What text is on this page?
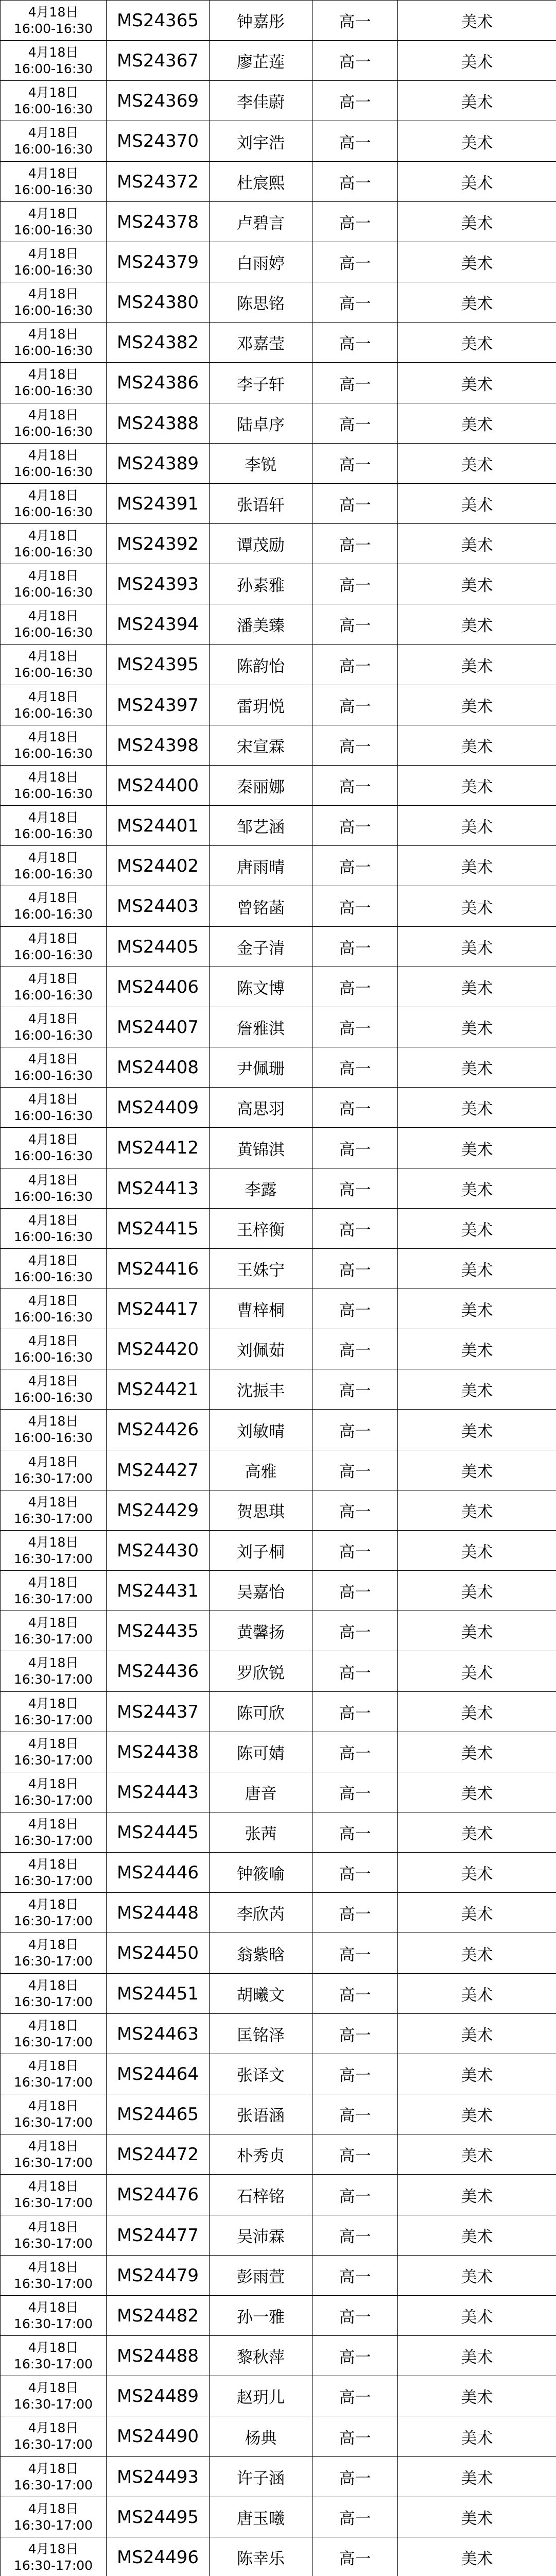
4月18日
16:00-16:30	MS24365	钟嘉彤	高一	美术

4月18日
16:00-16:30	MS24367	廖芷莲	高一	美术

4月18日
16:00-16:30	MS24369	李佳蔚	高一	美术

4月18日
16:00-16:30	MS24370	刘宇浩	高一	美术

4月18日
16:00-16:30	MS24372	杜宸熙	高一	美术

4月18日
16:00-16:30	MS24378	卢碧言	高一	美术

4月18日
16:00-16:30	MS24379	白雨婷	高一	美术

4月18日
16:00-16:30	MS24380	陈思铭	高一	美术

4月18日
16:00-16:30	MS24382	邓嘉莹	高一	美术

4月18日
16:00-16:30	MS24386	李子轩	高一	美术

4月18日
16:00-16:30	MS24388	陆卓序	高一	美术

4月18日
16:00-16:30	MS24389	李锐	高一	美术

4月18日
16:00-16:30	MS24391	张语轩	高一	美术

4月18日
16:00-16:30	MS24392	谭茂励	高一	美术

4月18日
16:00-16:30	MS24393	孙素雅	高一	美术

4月18日
16:00-16:30	MS24394	潘美臻	高一	美术

4月18日
16:00-16:30	MS24395	陈韵怡	高一	美术

4月18日
16:00-16:30	MS24397	雷玥悦	高一	美术

4月18日
16:00-16:30	MS24398	宋宣霖	高一	美术

4月18日
16:00-16:30	MS24400	秦丽娜	高一	美术

4月18日
16:00-16:30	MS24401	邹艺涵	高一	美术

4月18日
16:00-16:30	MS24402	唐雨晴	高一	美术

4月18日
16:00-16:30	MS24403	曾铭菡	高一	美术

4月18日
16:00-16:30	MS24405	金子清	高一	美术

4月18日
16:00-16:30	MS24406	陈文博	高一	美术

4月18日
16:00-16:30	MS24407	詹雅淇	高一	美术

4月18日
16:00-16:30	MS24408	尹佩珊	高一	美术

4月18日
16:00-16:30	MS24409	高思羽	高一	美术

4月18日
16:00-16:30	MS24412	黄锦淇	高一	美术

4月18日
16:00-16:30	MS24413	李露	高一	美术

4月18日
16:00-16:30	MS24415	王梓衡	高一	美术

4月18日
16:00-16:30	MS24416	王姝宁	高一	美术

4月18日
16:00-16:30	MS24417	曹梓桐	高一	美术

4月18日
16:00-16:30	MS24420	刘佩茹	高一	美术

4月18日
16:00-16:30	MS24421	沈振丰	高一	美术

4月18日
16:00-16:30	MS24426	刘敏晴	高一	美术

4月18日
16:30-17:00	MS24427	高雅	高一	美术

4月18日
16:30-17:00	MS24429	贺思琪	高一	美术

4月18日
16:30-17:00	MS24430	刘子桐	高一	美术

4月18日
16:30-17:00	MS24431	吴嘉怡	高一	美术

4月18日
16:30-17:00	MS24435	黄馨扬	高一	美术

4月18日
16:30-17:00	MS24436	罗欣锐	高一	美术

4月18日
16:30-17:00	MS24437	陈可欣	高一	美术

4月18日
16:30-17:00	MS24438	陈可婧	高一	美术

4月18日
16:30-17:00	MS24443	唐音	高一	美术

4月18日
16:30-17:00	MS24445	张茜	高一	美术

4月18日
16:30-17:00	MS24446	钟筱喻	高一	美术

4月18日
16:30-17:00	MS24448	李欣芮	高一	美术

4月18日
16:30-17:00	MS24450	翁紫晗	高一	美术

4月18日
16:30-17:00	MS24451	胡曦文	高一	美术

4月18日
16:30-17:00	MS24463	匡铭泽	高一	美术

4月18日
16:30-17:00	MS24464	张译文	高一	美术

4月18日
16:30-17:00	MS24465	张语涵	高一	美术

4月18日
16:30-17:00	MS24472	朴秀贞	高一	美术

4月18日
16:30-17:00	MS24476	石梓铭	高一	美术

4月18日
16:30-17:00	MS24477	吴沛霖	高一	美术

4月18日
16:30-17:00	MS24479	彭雨萱	高一	美术

4月18日
16:30-17:00	MS24482	孙一雅	高一	美术

4月18日
16:30-17:00	MS24488	黎秋萍	高一	美术

4月18日
16:30-17:00	MS24489	赵玥儿	高一	美术

4月18日
16:30-17:00	MS24490	杨典	高一	美术

4月18日
16:30-17:00	MS24493	许子涵	高一	美术

4月18日
16:30-17:00	MS24495	唐玉曦	高一	美术

4月18日
16:30-17:00	MS24496	陈幸乐	高一	美术
